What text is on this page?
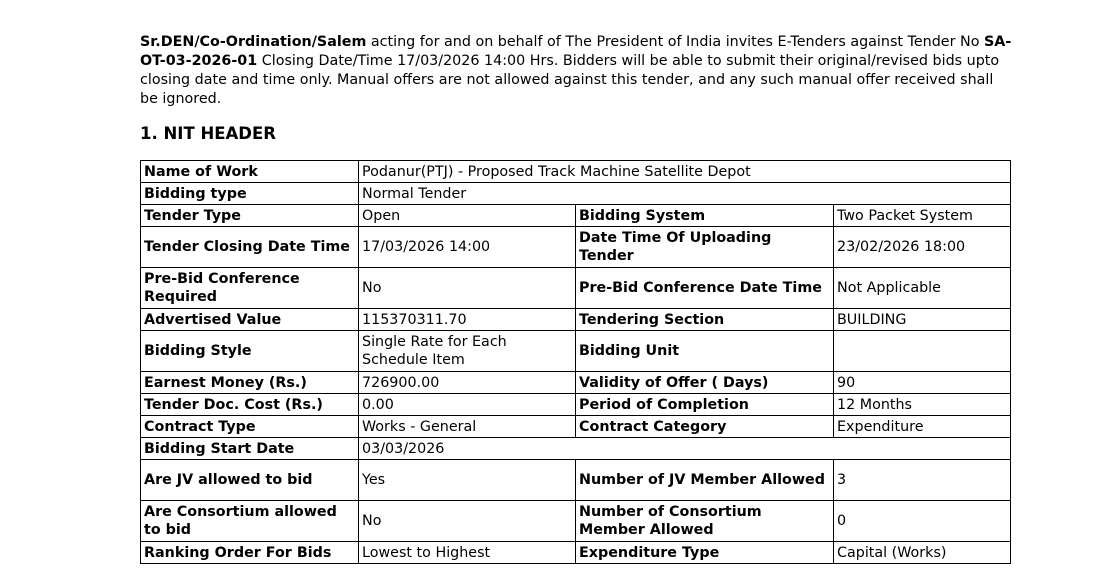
Sr.DEN/Co-Ordination/Salem acting for and on behalf of The President of India invites E-Tenders against Tender No SA-OT-03-2026-01 Closing Date/Time 17/03/2026 14:00 Hrs. Bidders will be able to submit their original/revised bids upto closing date and time only. Manual offers are not allowed against this tender, and any such manual offer received shall be ignored.

1. NIT HEADER
Name of Work	Podanur(PTJ) - Proposed Track Machine Satellite Depot		
Bidding type	Normal Tender		
Tender Type	Open	Bidding System	Two Packet System
Tender Closing Date Time	17/03/2026 14:00	Date Time Of Uploading Tender	23/02/2026 18:00
Pre-Bid Conference Required	No	Pre-Bid Conference Date Time	Not Applicable
Advertised Value	115370311.70	Tendering Section	BUILDING
Bidding Style	Single Rate for Each Schedule Item	Bidding Unit	
Earnest Money (Rs.)	726900.00	Validity of Offer ( Days)	90
Tender Doc. Cost (Rs.)	0.00	Period of Completion	12 Months
Contract Type	Works - General	Contract Category	Expenditure
Bidding Start Date	03/03/2026		
Are JV allowed to bid	Yes	Number of JV Member Allowed	3
Are Consortium allowed to bid	No	Number of Consortium Member Allowed	0
Ranking Order For Bids	Lowest to Highest	Expenditure Type	Capital (Works)
